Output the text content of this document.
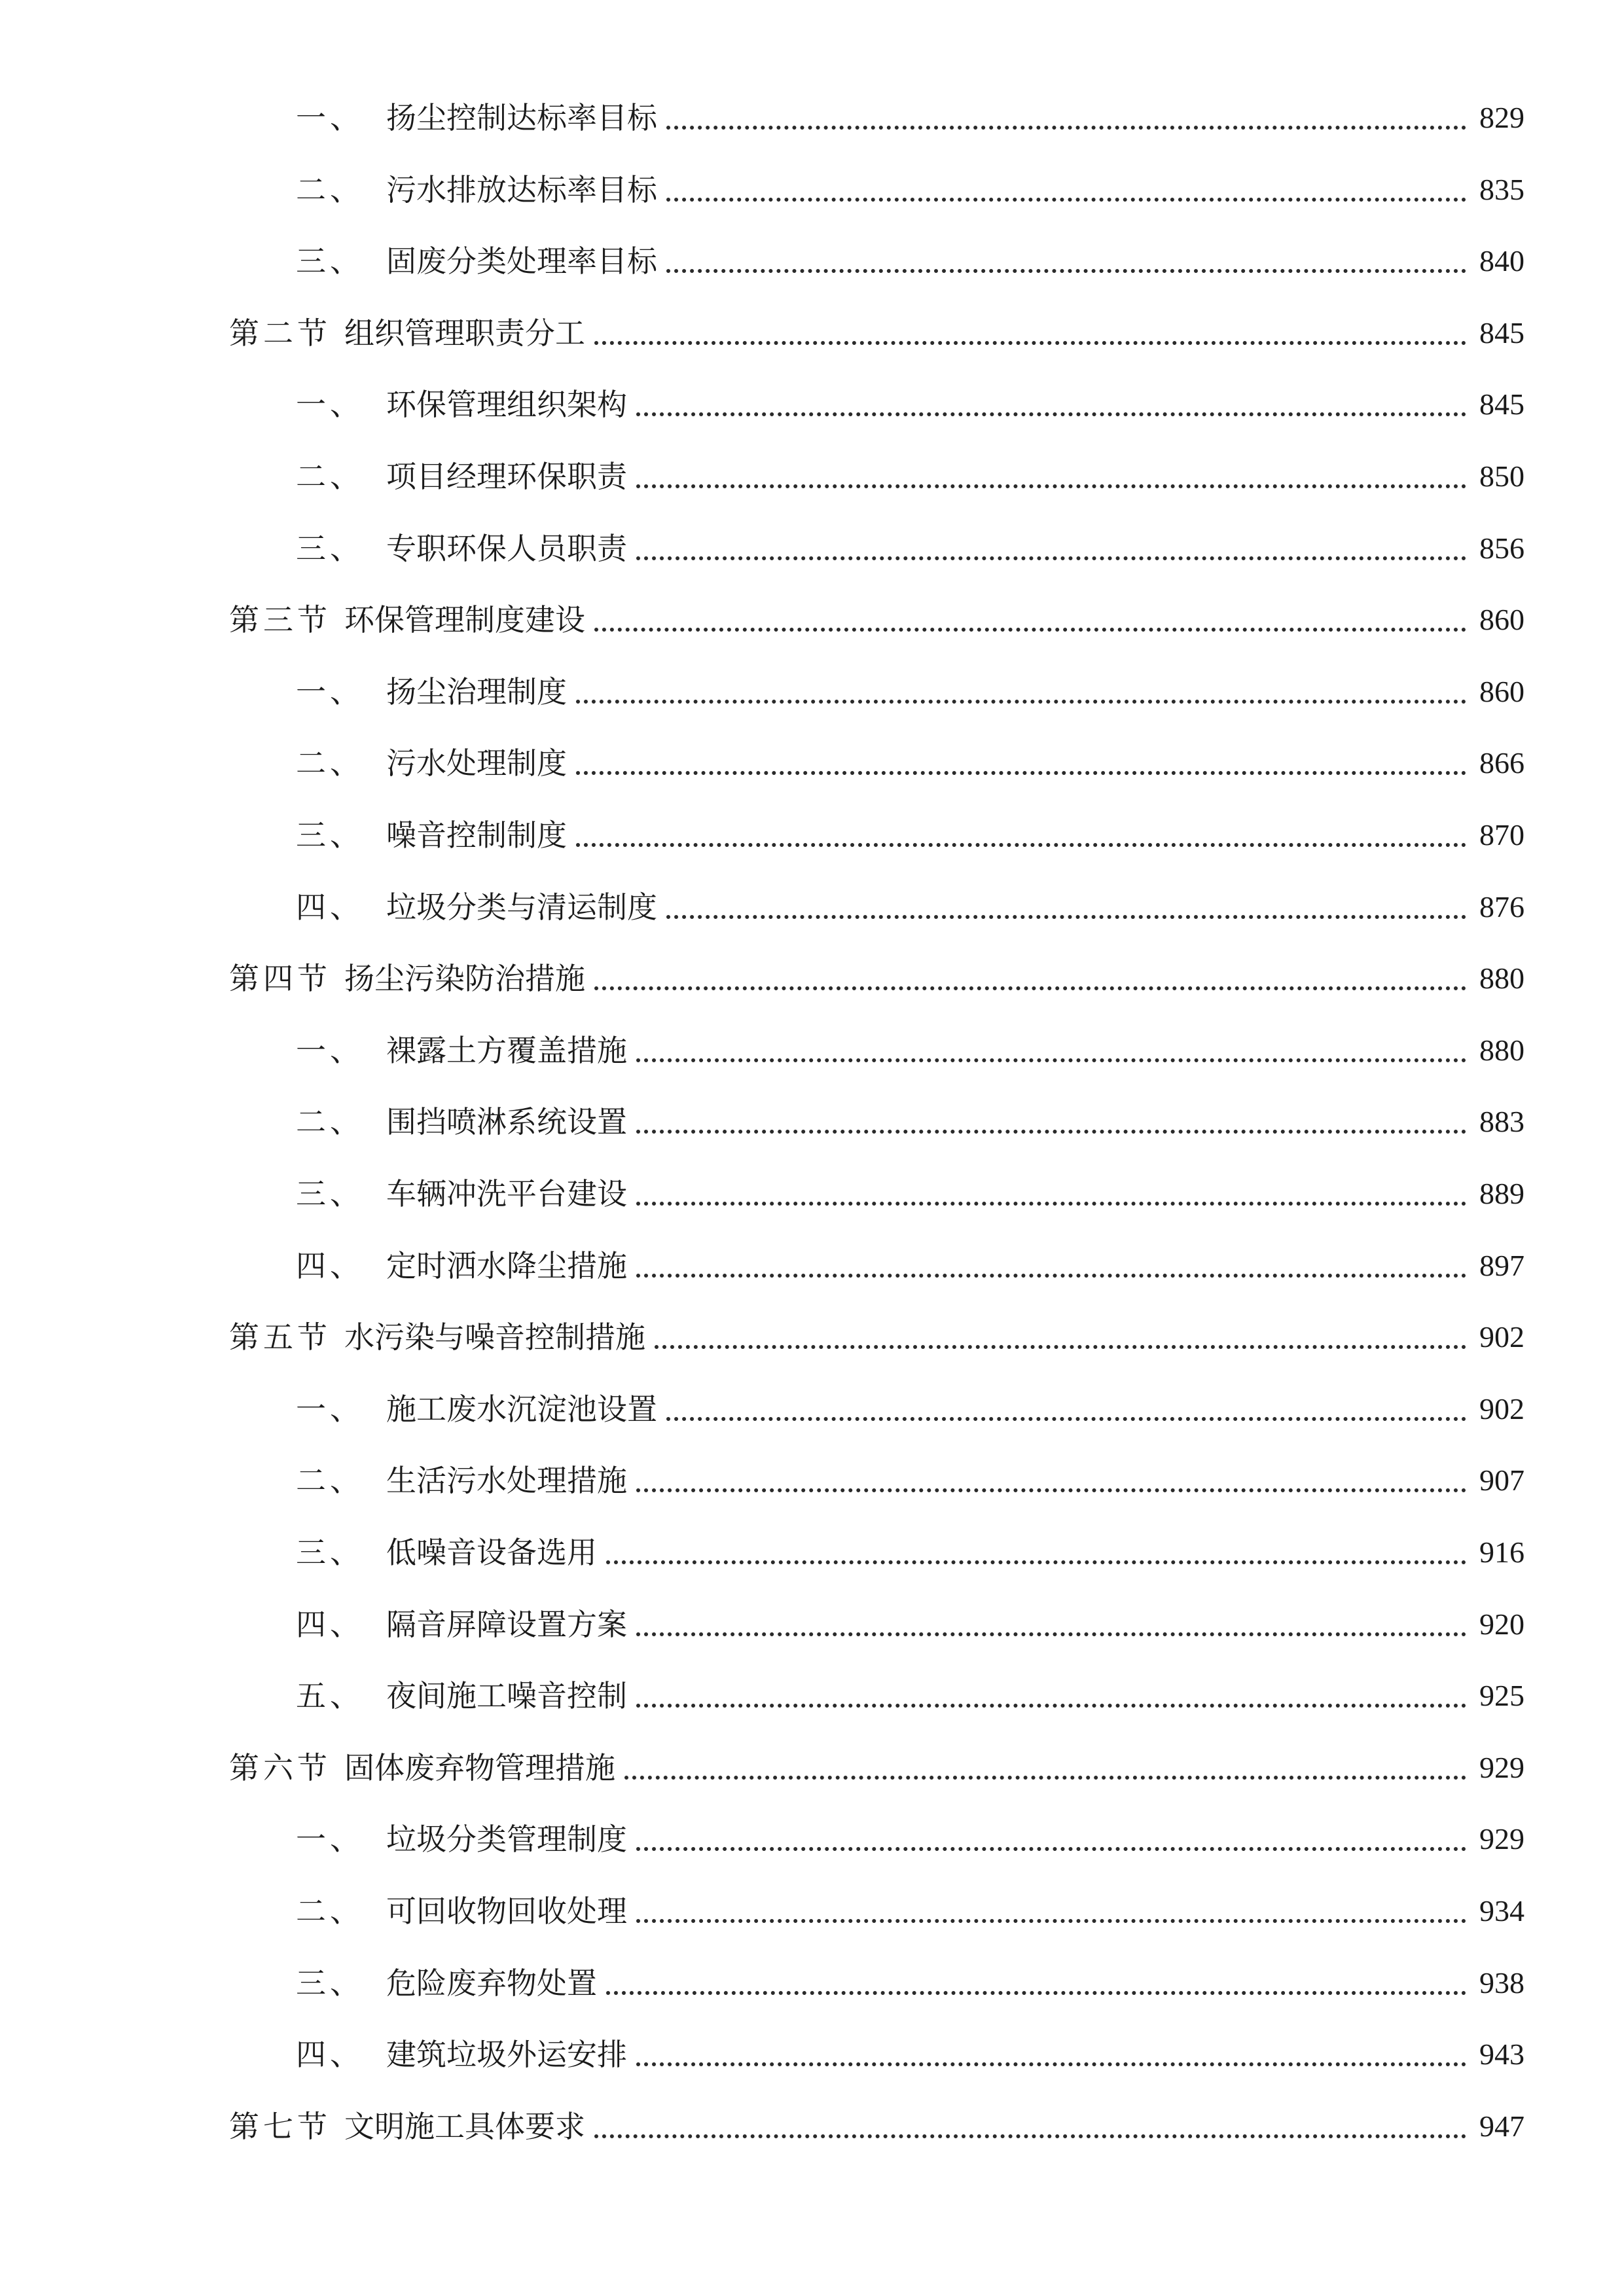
一、 扬尘控制达标率目标	829
二、 污水排放达标率目标	835
三、 固废分类处理率目标	840
第二节 组织管理职责分工	845
一、 环保管理组织架构	845
二、 项目经理环保职责	850
三、 专职环保人员职责	856
第三节 环保管理制度建设	860
一、 扬尘治理制度	860
二、 污水处理制度	866
三、 噪音控制制度	870
四、 垃圾分类与清运制度	876
第四节 扬尘污染防治措施	880
一、 裸露土方覆盖措施	880
二、 围挡喷淋系统设置	883
三、 车辆冲洗平台建设	889
四、 定时洒水降尘措施	897
第五节 水污染与噪音控制措施	902
一、 施工废水沉淀池设置	902
二、 生活污水处理措施	907
三、 低噪音设备选用	916
四、 隔音屏障设置方案	920
五、 夜间施工噪音控制	925
第六节 固体废弃物管理措施	929
一、 垃圾分类管理制度	929
二、 可回收物回收处理	934
三、 危险废弃物处置	938
四、 建筑垃圾外运安排	943
第七节 文明施工具体要求	947
